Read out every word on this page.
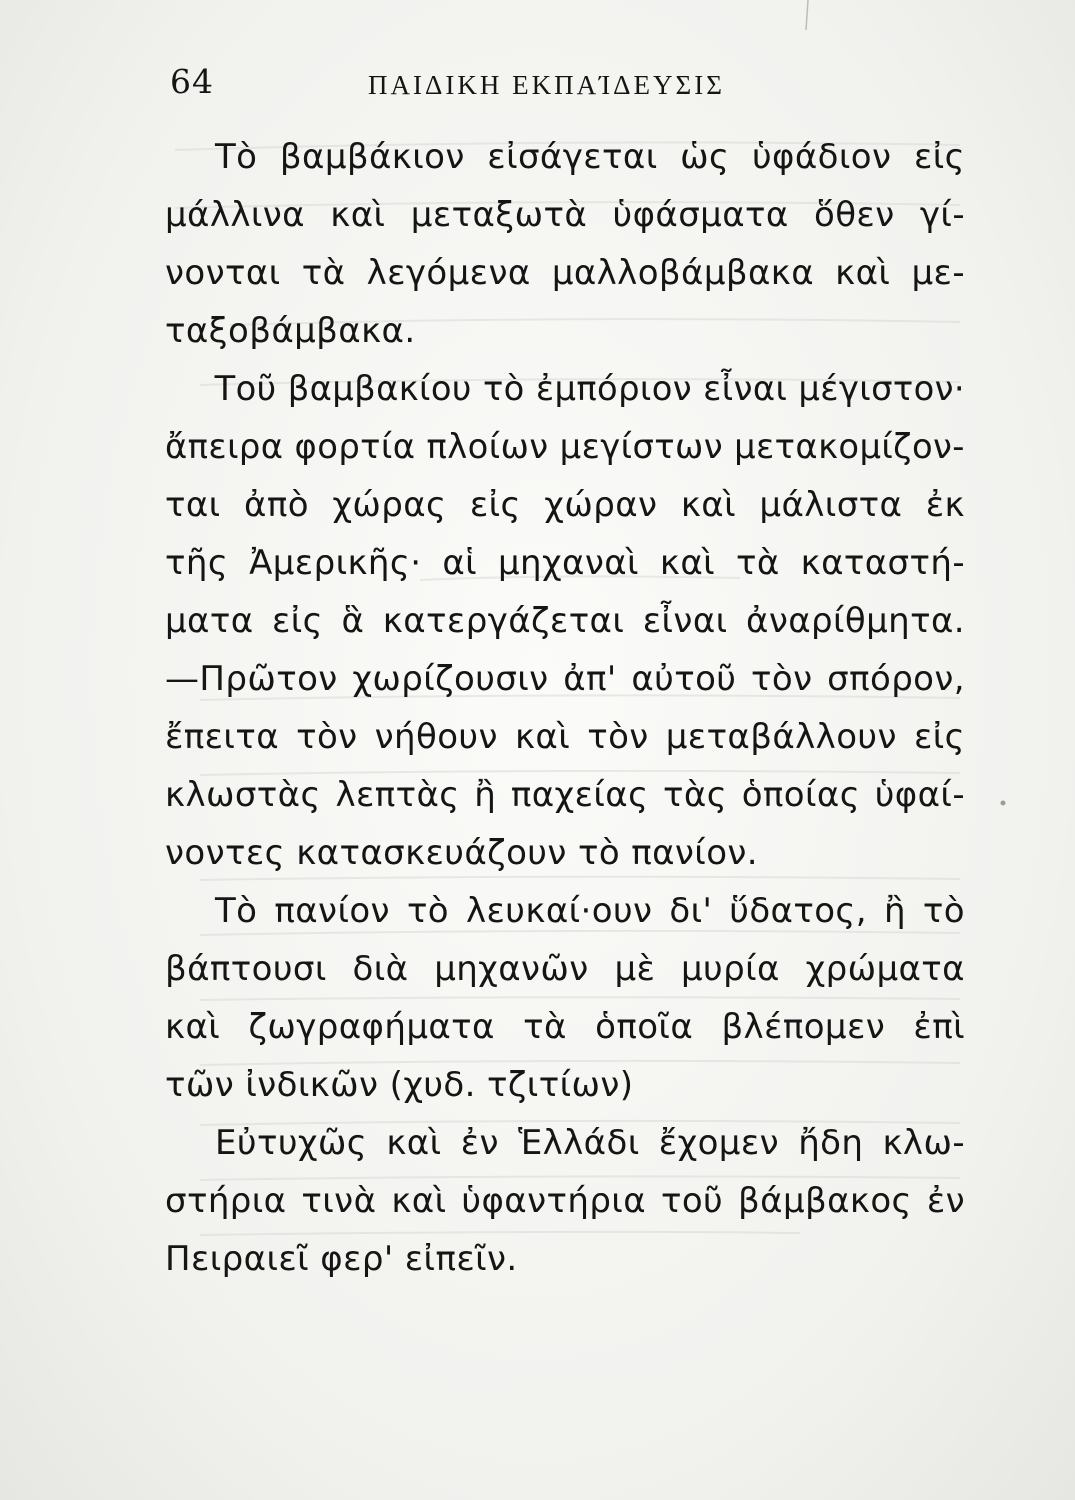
64	ΠΑΙΔΙΚΗ ΕΚΠΑΊΔΕΥΣΙΣ
Τὸ βαμβάκιον εἰσάγεται ὡς ὑφάδιον εἰς
μάλλινα καὶ μεταξωτὰ ὑφάσματα ὅθεν γί-
νονται τὰ λεγόμενα μαλλοβάμβακα καὶ με-
ταξοβάμβακα.
Τοῦ βαμβακίου τὸ ἐμπόριον εἶναι μέγιστον·
ἄπειρα φορτία πλοίων μεγίστων μετακομίζον-
ται ἀπὸ χώρας εἰς χώραν καὶ μάλιστα ἐκ
τῆς Ἀμερικῆς· αἱ μηχαναὶ καὶ τὰ καταστή-
ματα εἰς ἃ κατεργάζεται εἶναι ἀναρίθμητα.
—Πρῶτον χωρίζουσιν ἀπ' αὐτοῦ τὸν σπόρον,
ἔπειτα τὸν νήθουν καὶ τὸν μεταβάλλουν εἰς
κλωστὰς λεπτὰς ἢ παχείας τὰς ὁποίας ὑφαί-
νοντες κατασκευάζουν τὸ πανίον.
Τὸ πανίον τὸ λευκαί·ουν δι' ὕδατος, ἢ τὸ
βάπτουσι διὰ μηχανῶν μὲ μυρία χρώματα
καὶ ζωγραφήματα τὰ ὁποῖα βλέπομεν ἐπὶ
τῶν ἰνδικῶν (χυδ. τζιτίων)
Εὐτυχῶς καὶ ἐν Ἑλλάδι ἔχομεν ἤδη κλω-
στήρια τινὰ καὶ ὑφαντήρια τοῦ βάμβακος ἐν
Πειραιεῖ φερ' εἰπεῖν.
